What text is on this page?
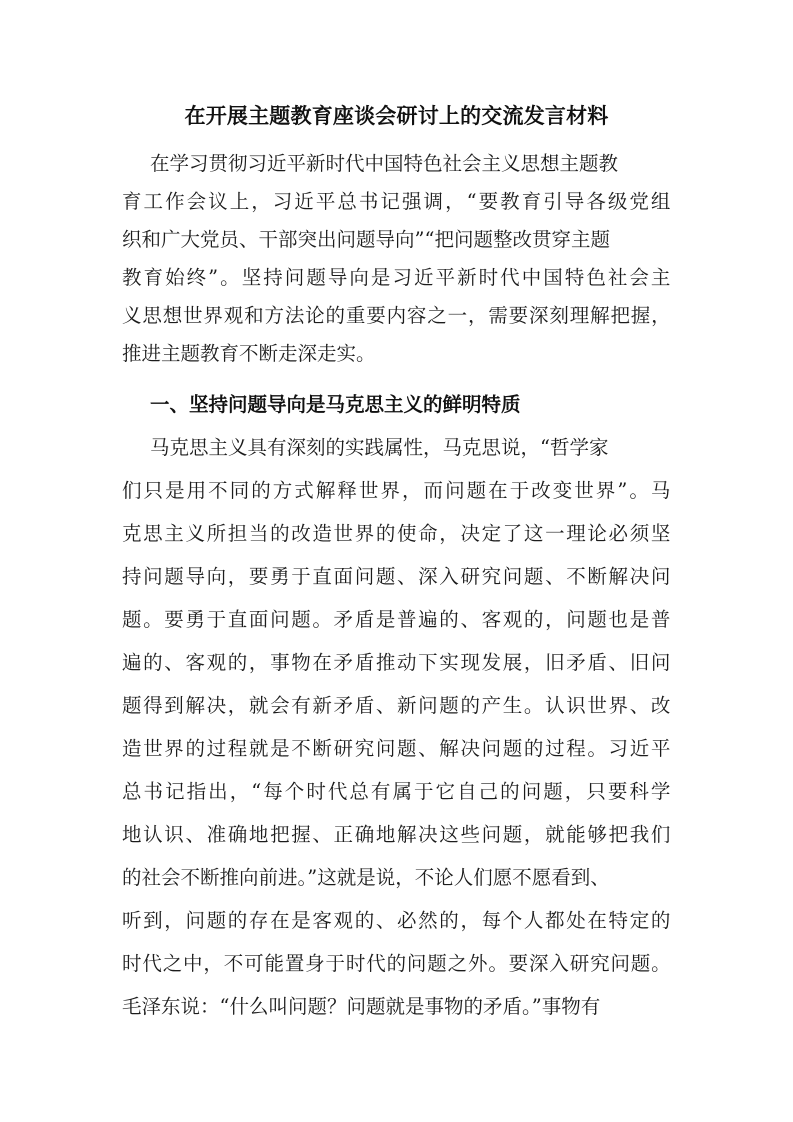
在开展主题教育座谈会研讨上的交流发言材料
在学习贯彻习近平新时代中国特色社会主义思想主题教
育工作会议上，习近平总书记强调，“要教育引导各级党组
织和广大党员、干部突出问题导向”“把问题整改贯穿主题
教育始终”。坚持问题导向是习近平新时代中国特色社会主
义思想世界观和方法论的重要内容之一，需要深刻理解把握，
推进主题教育不断走深走实。
一、坚持问题导向是马克思主义的鲜明特质
马克思主义具有深刻的实践属性，马克思说，“哲学家
们只是用不同的方式解释世界，而问题在于改变世界”。马
克思主义所担当的改造世界的使命，决定了这一理论必须坚
持问题导向，要勇于直面问题、深入研究问题、不断解决问
题。要勇于直面问题。矛盾是普遍的、客观的，问题也是普
遍的、客观的，事物在矛盾推动下实现发展，旧矛盾、旧问
题得到解决，就会有新矛盾、新问题的产生。认识世界、改
造世界的过程就是不断研究问题、解决问题的过程。习近平
总书记指出，“每个时代总有属于它自己的问题，只要科学
地认识、准确地把握、正确地解决这些问题，就能够把我们
的社会不断推向前进。”这就是说，不论人们愿不愿看到、
听到，问题的存在是客观的、必然的，每个人都处在特定的
时代之中，不可能置身于时代的问题之外。要深入研究问题。
毛泽东说：“什么叫问题？问题就是事物的矛盾。”事物有
